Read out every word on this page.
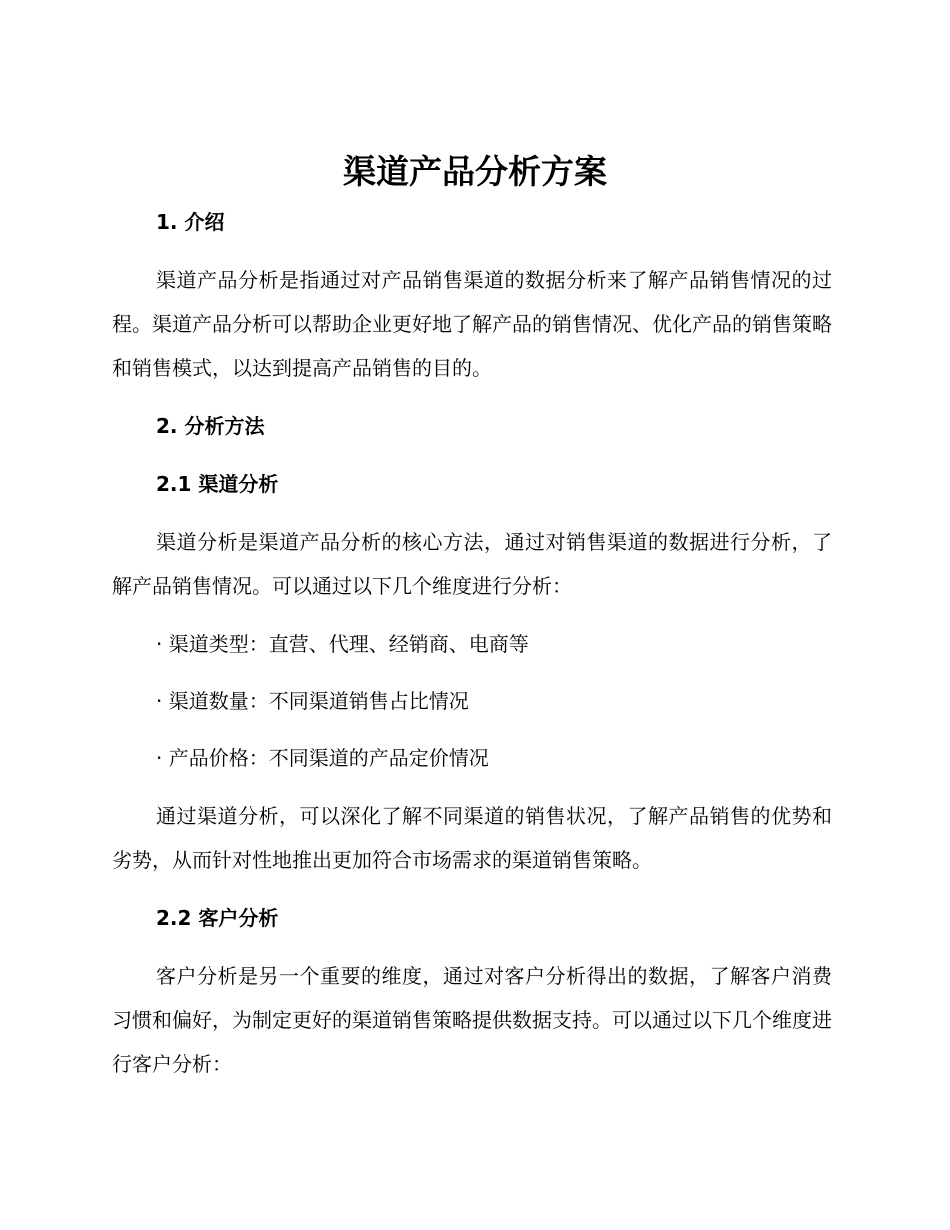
渠道产品分析方案
1. 介绍

渠道产品分析是指通过对产品销售渠道的数据分析来了解产品销售情况的过程。渠道产品分析可以帮助企业更好地了解产品的销售情况、优化产品的销售策略和销售模式，以达到提高产品销售的目的。

2. 分析方法
2.1 渠道分析

渠道分析是渠道产品分析的核心方法，通过对销售渠道的数据进行分析，了解产品销售情况。可以通过以下几个维度进行分析：

· 渠道类型：直营、代理、经销商、电商等

· 渠道数量：不同渠道销售占比情况

· 产品价格：不同渠道的产品定价情况

通过渠道分析，可以深化了解不同渠道的销售状况，了解产品销售的优势和劣势，从而针对性地推出更加符合市场需求的渠道销售策略。

2.2 客户分析

客户分析是另一个重要的维度，通过对客户分析得出的数据，了解客户消费习惯和偏好，为制定更好的渠道销售策略提供数据支持。可以通过以下几个维度进行客户分析：
